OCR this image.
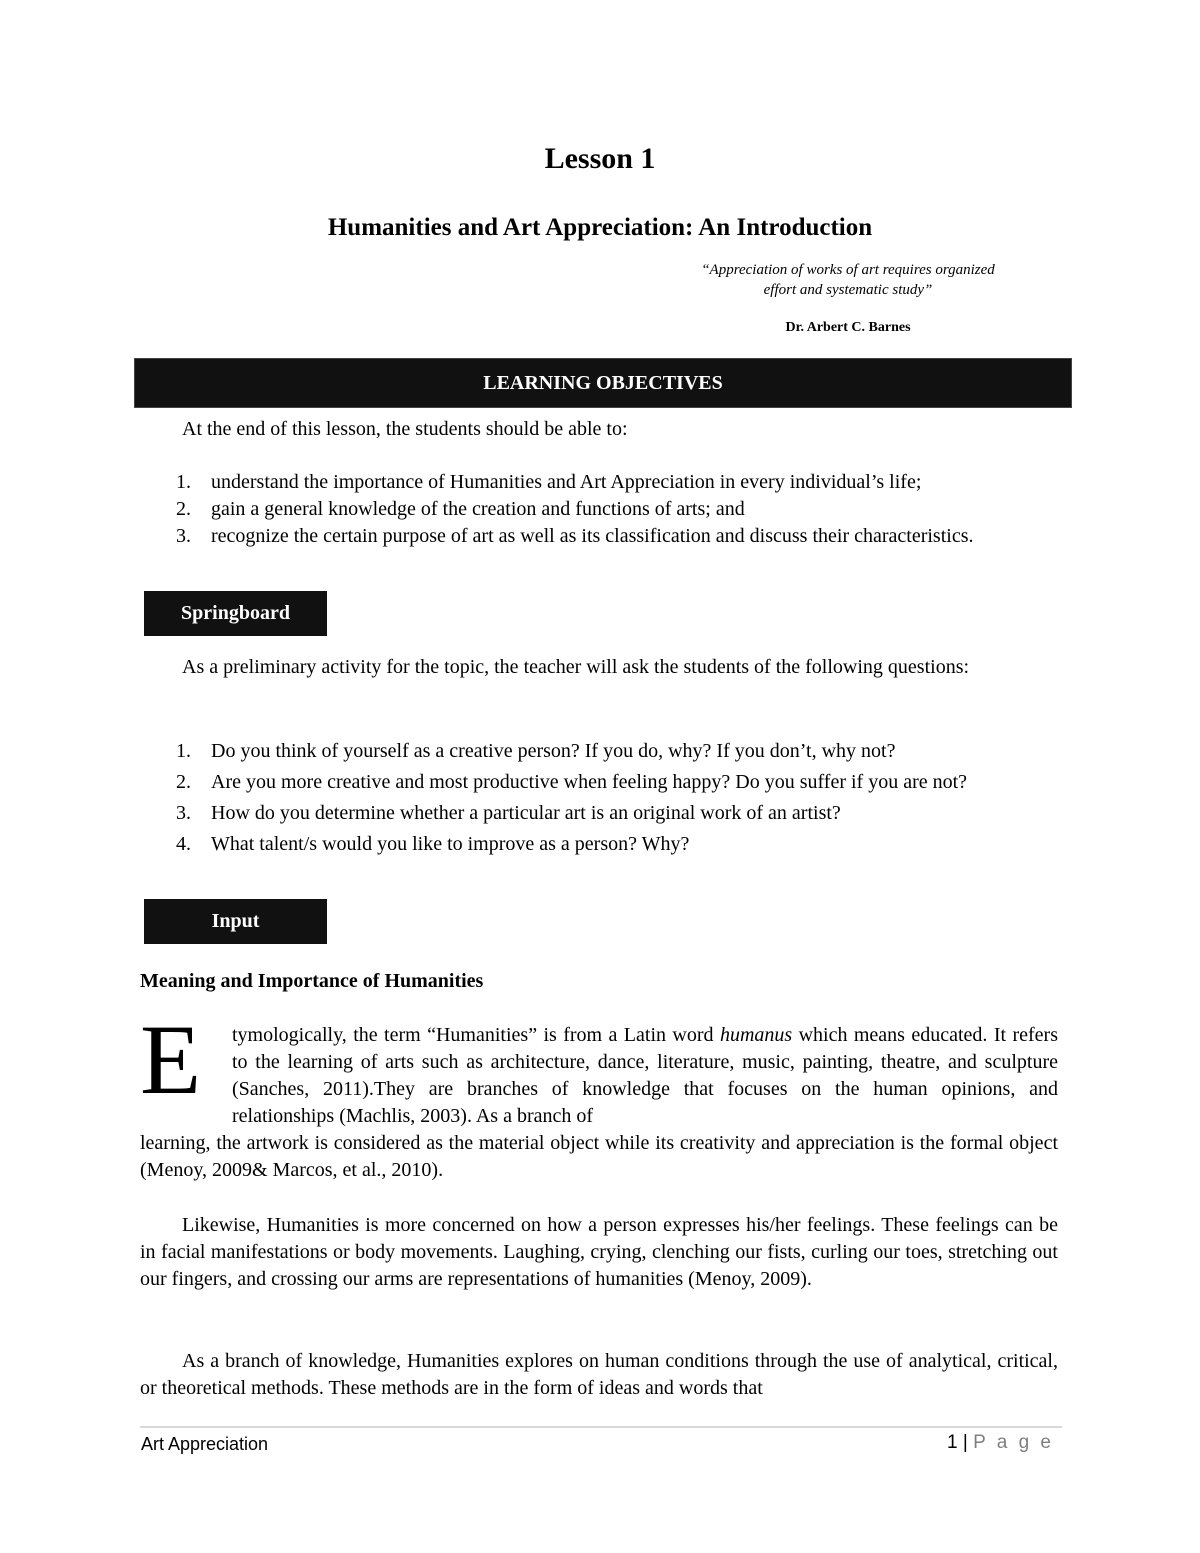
Lesson 1
Humanities and Art Appreciation: An Introduction
“Appreciation of works of art requires organized
effort and systematic study”
Dr. Arbert C. Barnes
LEARNING OBJECTIVES
At the end of this lesson, the students should be able to:
1. understand the importance of Humanities and Art Appreciation in every individual’s life;
2. gain a general knowledge of the creation and functions of arts; and
3. recognize the certain purpose of art as well as its classification and discuss their characteristics.
Springboard
As a preliminary activity for the topic, the teacher will ask the students of the following questions:
1. Do you think of yourself as a creative person? If you do, why? If you don’t, why not?
2. Are you more creative and most productive when feeling happy? Do you suffer if you are not?
3. How do you determine whether a particular art is an original work of an artist?
4. What talent/s would you like to improve as a person? Why?
Input
Meaning and Importance of Humanities
E tymologically, the term “Humanities” is from a Latin word humanus which means educated. It refers to the learning of arts such as architecture, dance, literature, music, painting, theatre, and sculpture (Sanches, 2011).They are branches of knowledge that focuses on the human opinions, and relationships (Machlis, 2003). As a branch of
learning, the artwork is considered as the material object while its creativity and appreciation is the formal object (Menoy, 2009& Marcos, et al., 2010).
Likewise, Humanities is more concerned on how a person expresses his/her feelings. These feelings can be in facial manifestations or body movements. Laughing, crying, clenching our fists, curling our toes, stretching out our fingers, and crossing our arms are representations of humanities (Menoy, 2009).
As a branch of knowledge, Humanities explores on human conditions through the use of analytical, critical, or theoretical methods. These methods are in the form of ideas and words that
Art Appreciation	1 | P a g e
